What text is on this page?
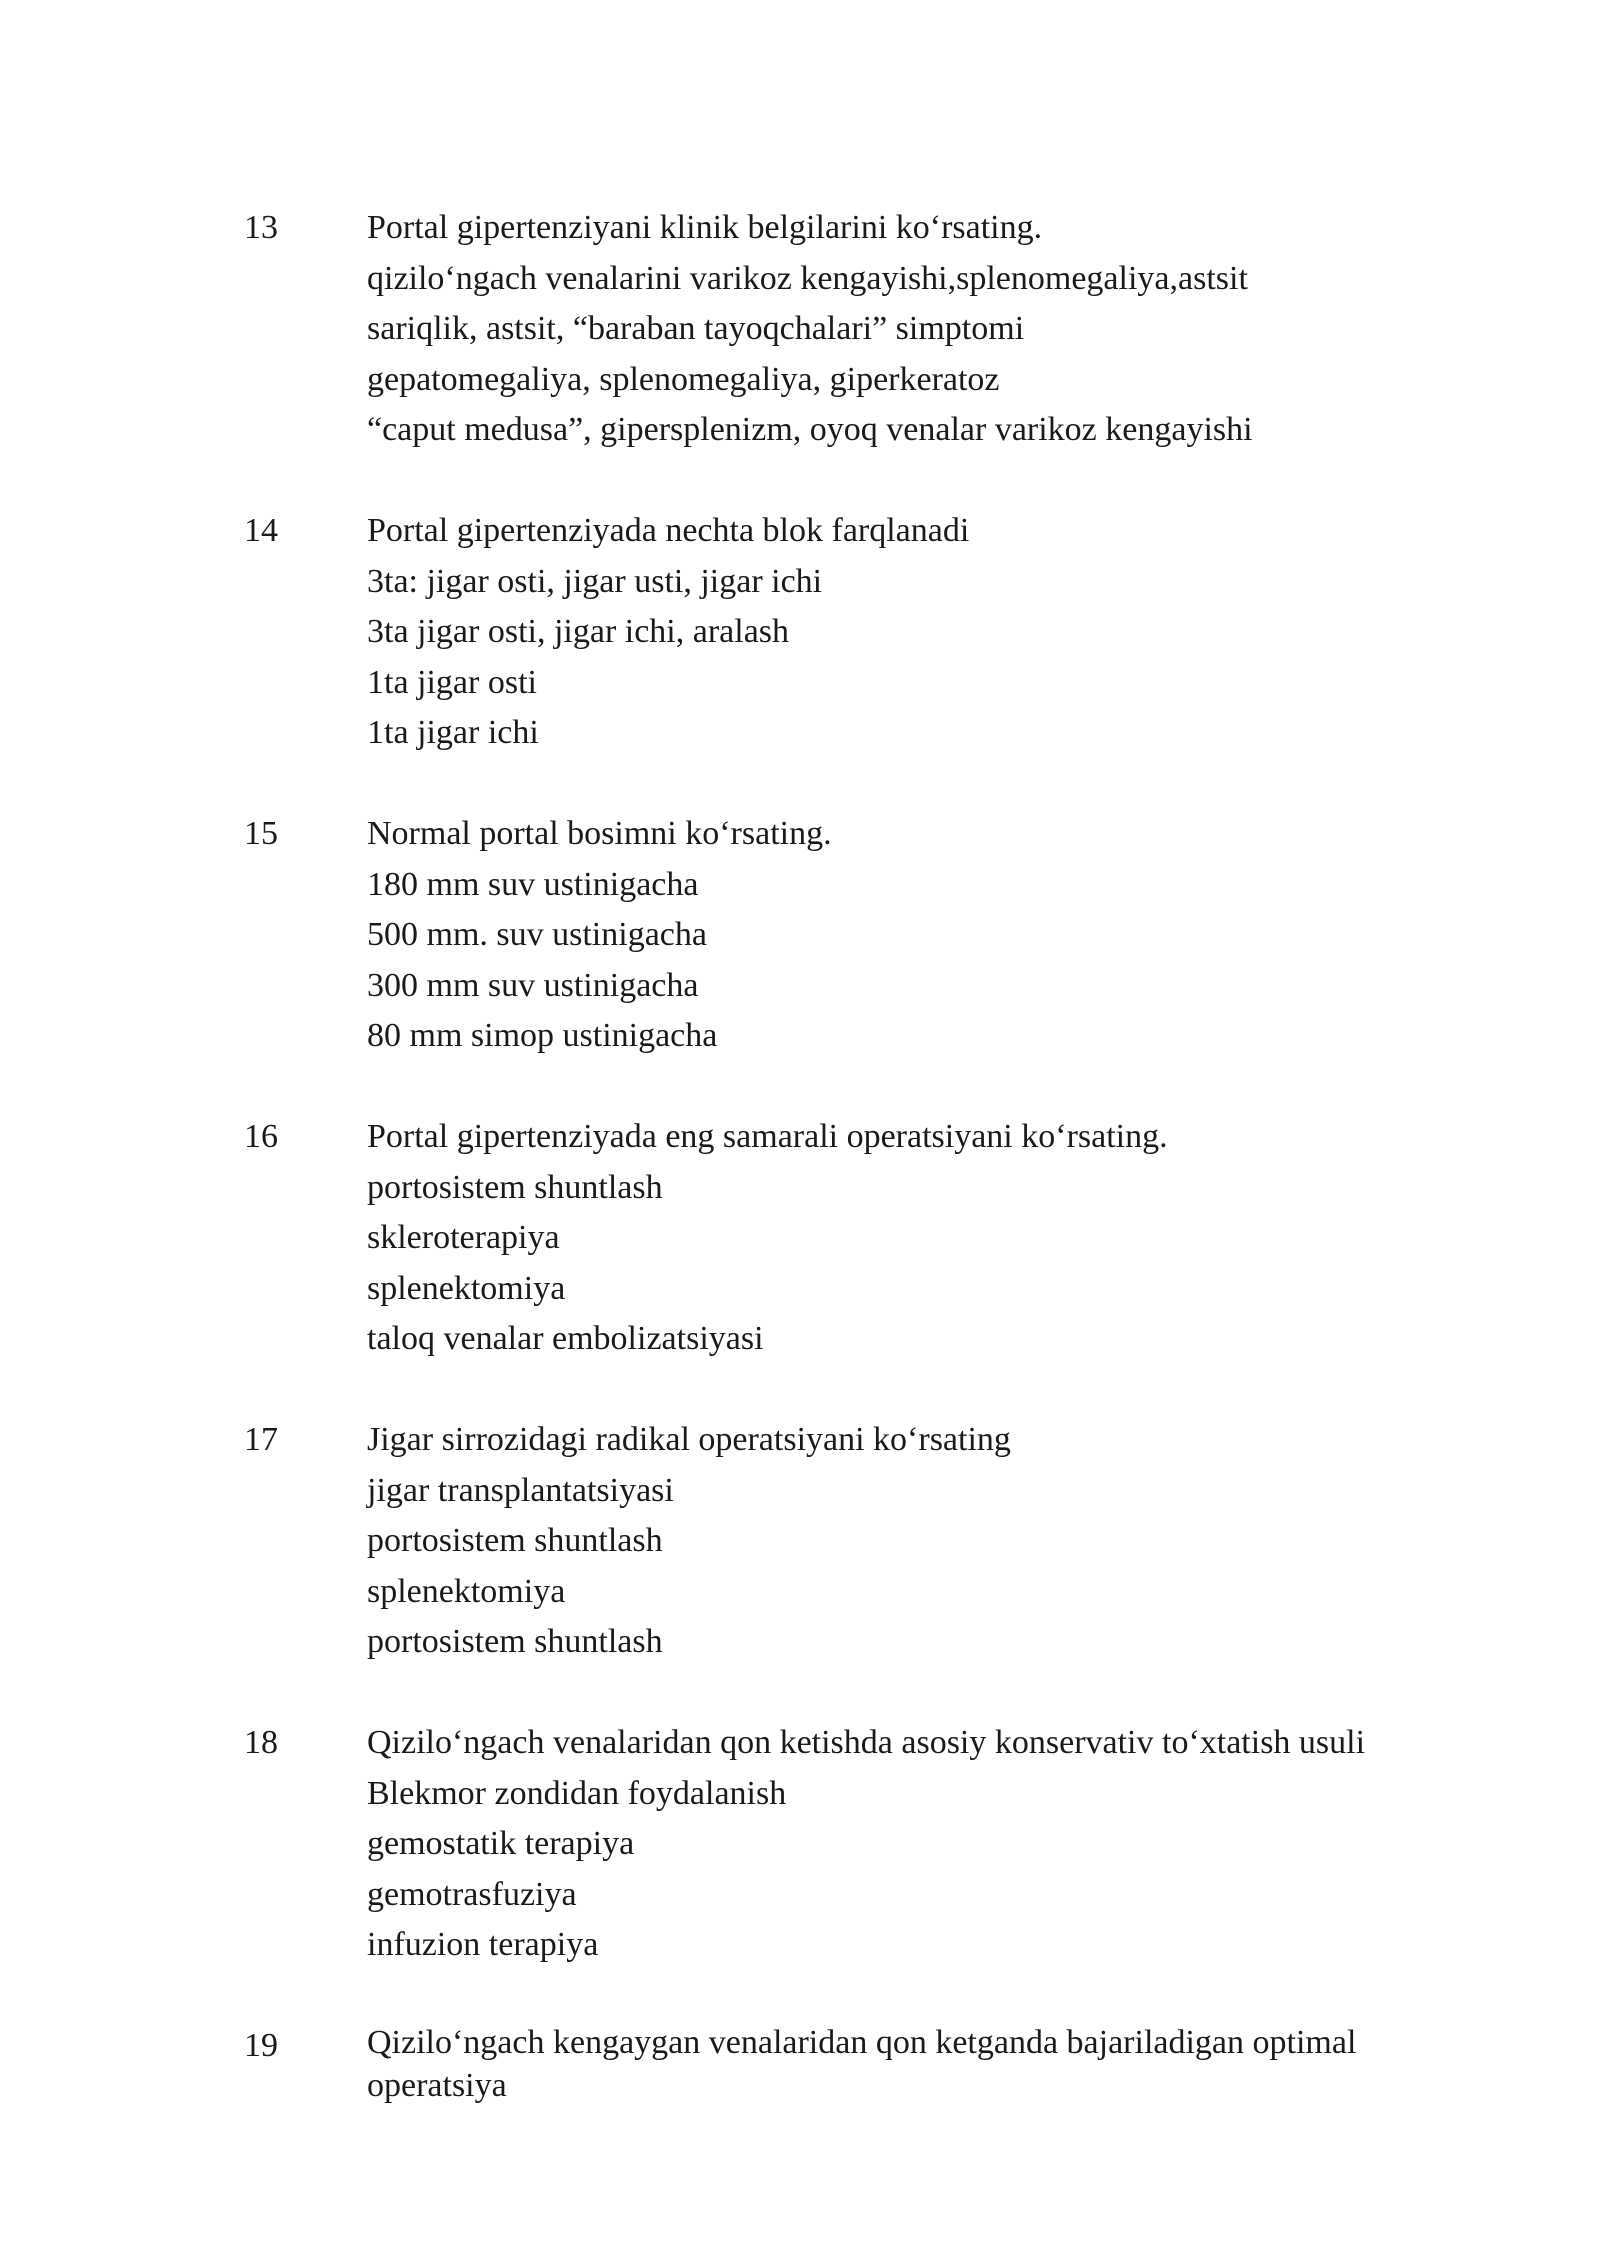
13	Portal gipertenziyani klinik belgilarini ko‘rsating.
qizilo‘ngach venalarini varikoz kengayishi,splenomegaliya,astsit
sariqlik, astsit, “baraban tayoqchalari” simptomi
gepatomegaliya, splenomegaliya, giperkeratoz
“caput medusa”, gipersplenizm, oyoq venalar varikoz kengayishi
14	Portal gipertenziyada nechta blok farqlanadi
3ta: jigar osti, jigar usti, jigar ichi
3ta jigar osti, jigar ichi, aralash
1ta jigar osti
1ta jigar ichi
15	Normal portal bosimni ko‘rsating.
180 mm suv ustinigacha
500 mm. suv ustinigacha
300 mm suv ustinigacha
80 mm simop ustinigacha
16	Portal gipertenziyada eng samarali operatsiyani ko‘rsating.
portosistem shuntlash
skleroterapiya
splenektomiya
taloq venalar embolizatsiyasi
17	Jigar sirrozidagi radikal operatsiyani ko‘rsating
jigar transplantatsiyasi
portosistem shuntlash
splenektomiya
portosistem shuntlash
18	Qizilo‘ngach venalaridan qon ketishda asosiy konservativ to‘xtatish usuli
Blekmor zondidan foydalanish
gemostatik terapiya
gemotrasfuziya
infuzion terapiya
19	Qizilo‘ngach kengaygan venalaridan qon ketganda bajariladigan optimal operatsiya
